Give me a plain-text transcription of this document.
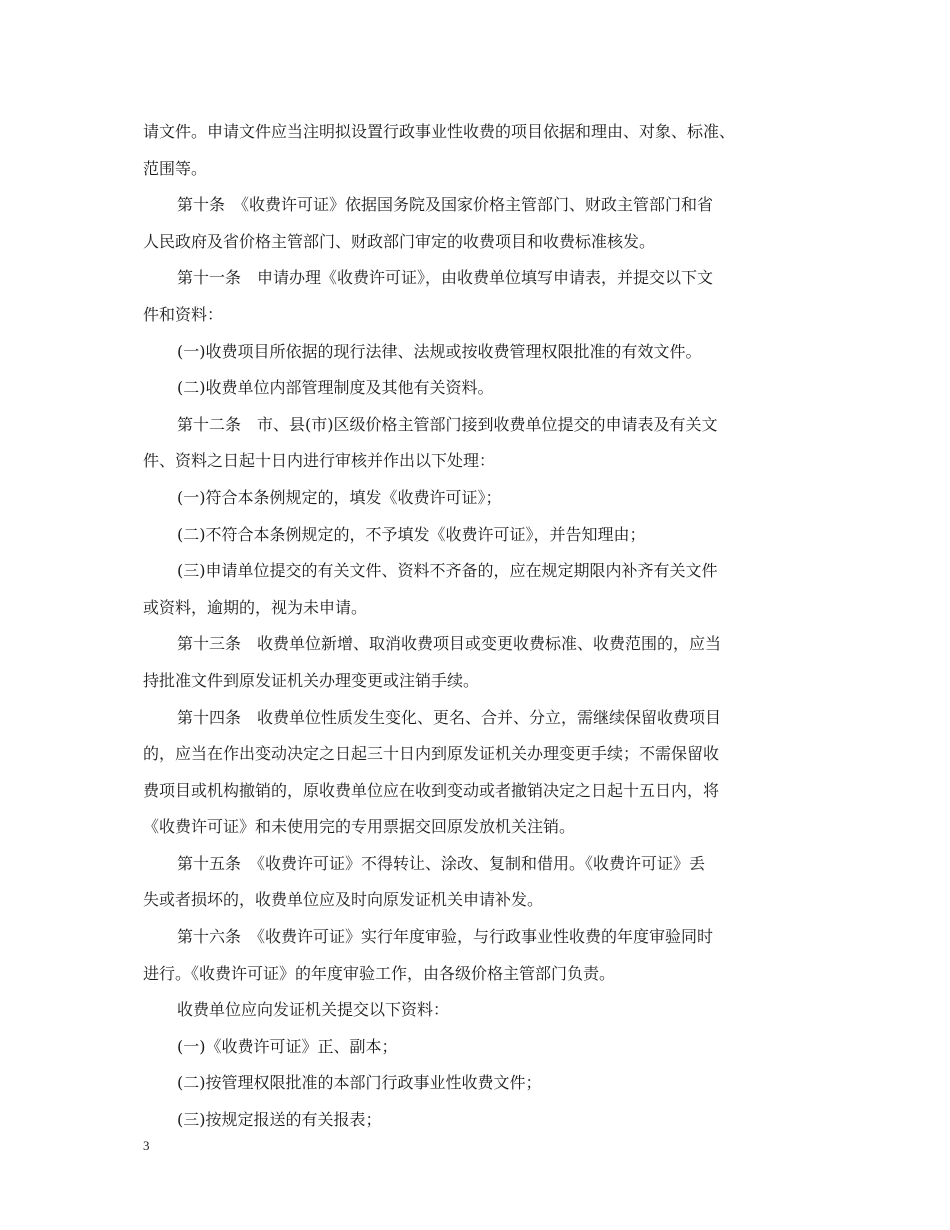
请文件。申请文件应当注明拟设置行政事业性收费的项目依据和理由、对象、标准、
范围等。
第十条　《收费许可证》依据国务院及国家价格主管部门、财政主管部门和省
人民政府及省价格主管部门、财政部门审定的收费项目和收费标准核发。
第十一条　申请办理《收费许可证》，由收费单位填写申请表，并提交以下文
件和资料：
(一)收费项目所依据的现行法律、法规或按收费管理权限批准的有效文件。
(二)收费单位内部管理制度及其他有关资料。
第十二条　市、县(市)区级价格主管部门接到收费单位提交的申请表及有关文
件、资料之日起十日内进行审核并作出以下处理：
(一)符合本条例规定的，填发《收费许可证》；
(二)不符合本条例规定的，不予填发《收费许可证》，并告知理由；
(三)申请单位提交的有关文件、资料不齐备的，应在规定期限内补齐有关文件
或资料，逾期的，视为未申请。
第十三条　收费单位新增、取消收费项目或变更收费标准、收费范围的，应当
持批准文件到原发证机关办理变更或注销手续。
第十四条　收费单位性质发生变化、更名、合并、分立，需继续保留收费项目
的，应当在作出变动决定之日起三十日内到原发证机关办理变更手续；不需保留收
费项目或机构撤销的，原收费单位应在收到变动或者撤销决定之日起十五日内，将
《收费许可证》和未使用完的专用票据交回原发放机关注销。
第十五条　《收费许可证》不得转让、涂改、复制和借用。《收费许可证》丢
失或者损坏的，收费单位应及时向原发证机关申请补发。
第十六条　《收费许可证》实行年度审验，与行政事业性收费的年度审验同时
进行。《收费许可证》的年度审验工作，由各级价格主管部门负责。
收费单位应向发证机关提交以下资料：
(一)《收费许可证》正、副本；
(二)按管理权限批准的本部门行政事业性收费文件；
(三)按规定报送的有关报表；
3
